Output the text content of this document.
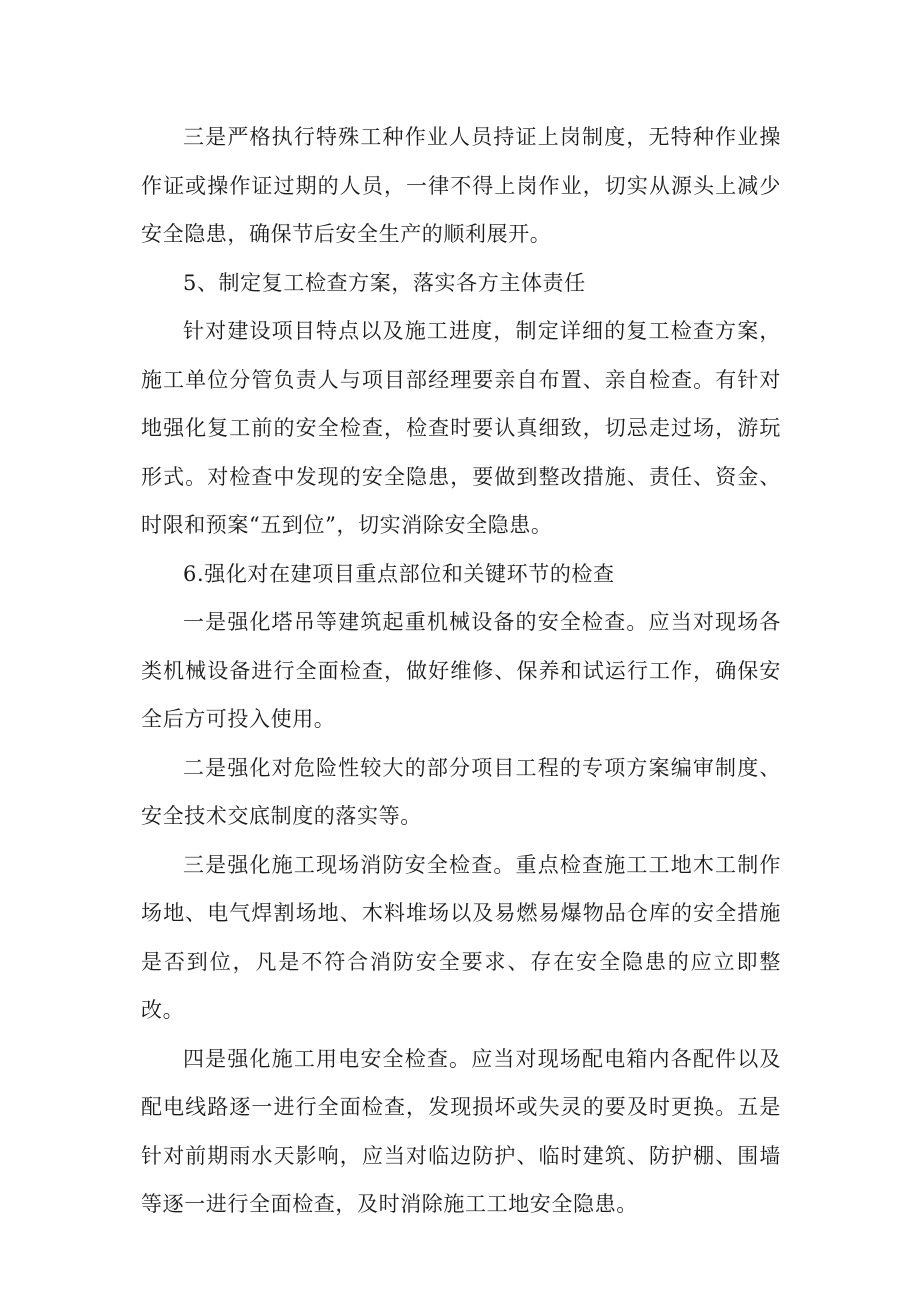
三是严格执行特殊工种作业人员持证上岗制度，无特种作业操作证或操作证过期的人员，一律不得上岗作业，切实从源头上减少安全隐患，确保节后安全生产的顺利展开。

5、制定复工检查方案，落实各方主体责任

针对建设项目特点以及施工进度，制定详细的复工检查方案，施工单位分管负责人与项目部经理要亲自布置、亲自检查。有针对地强化复工前的安全检查，检查时要认真细致，切忌走过场，游玩形式。对检查中发现的安全隐患，要做到整改措施、责任、资金、时限和预案“五到位”，切实消除安全隐患。

6.强化对在建项目重点部位和关键环节的检查

一是强化塔吊等建筑起重机械设备的安全检查。应当对现场各类机械设备进行全面检查，做好维修、保养和试运行工作，确保安全后方可投入使用。

二是强化对危险性较大的部分项目工程的专项方案编审制度、安全技术交底制度的落实等。

三是强化施工现场消防安全检查。重点检查施工工地木工制作场地、电气焊割场地、木料堆场以及易燃易爆物品仓库的安全措施是否到位，凡是不符合消防安全要求、存在安全隐患的应立即整改。

四是强化施工用电安全检查。应当对现场配电箱内各配件以及配电线路逐一进行全面检查，发现损坏或失灵的要及时更换。五是针对前期雨水天影响，应当对临边防护、临时建筑、防护棚、围墙等逐一进行全面检查，及时消除施工工地安全隐患。
